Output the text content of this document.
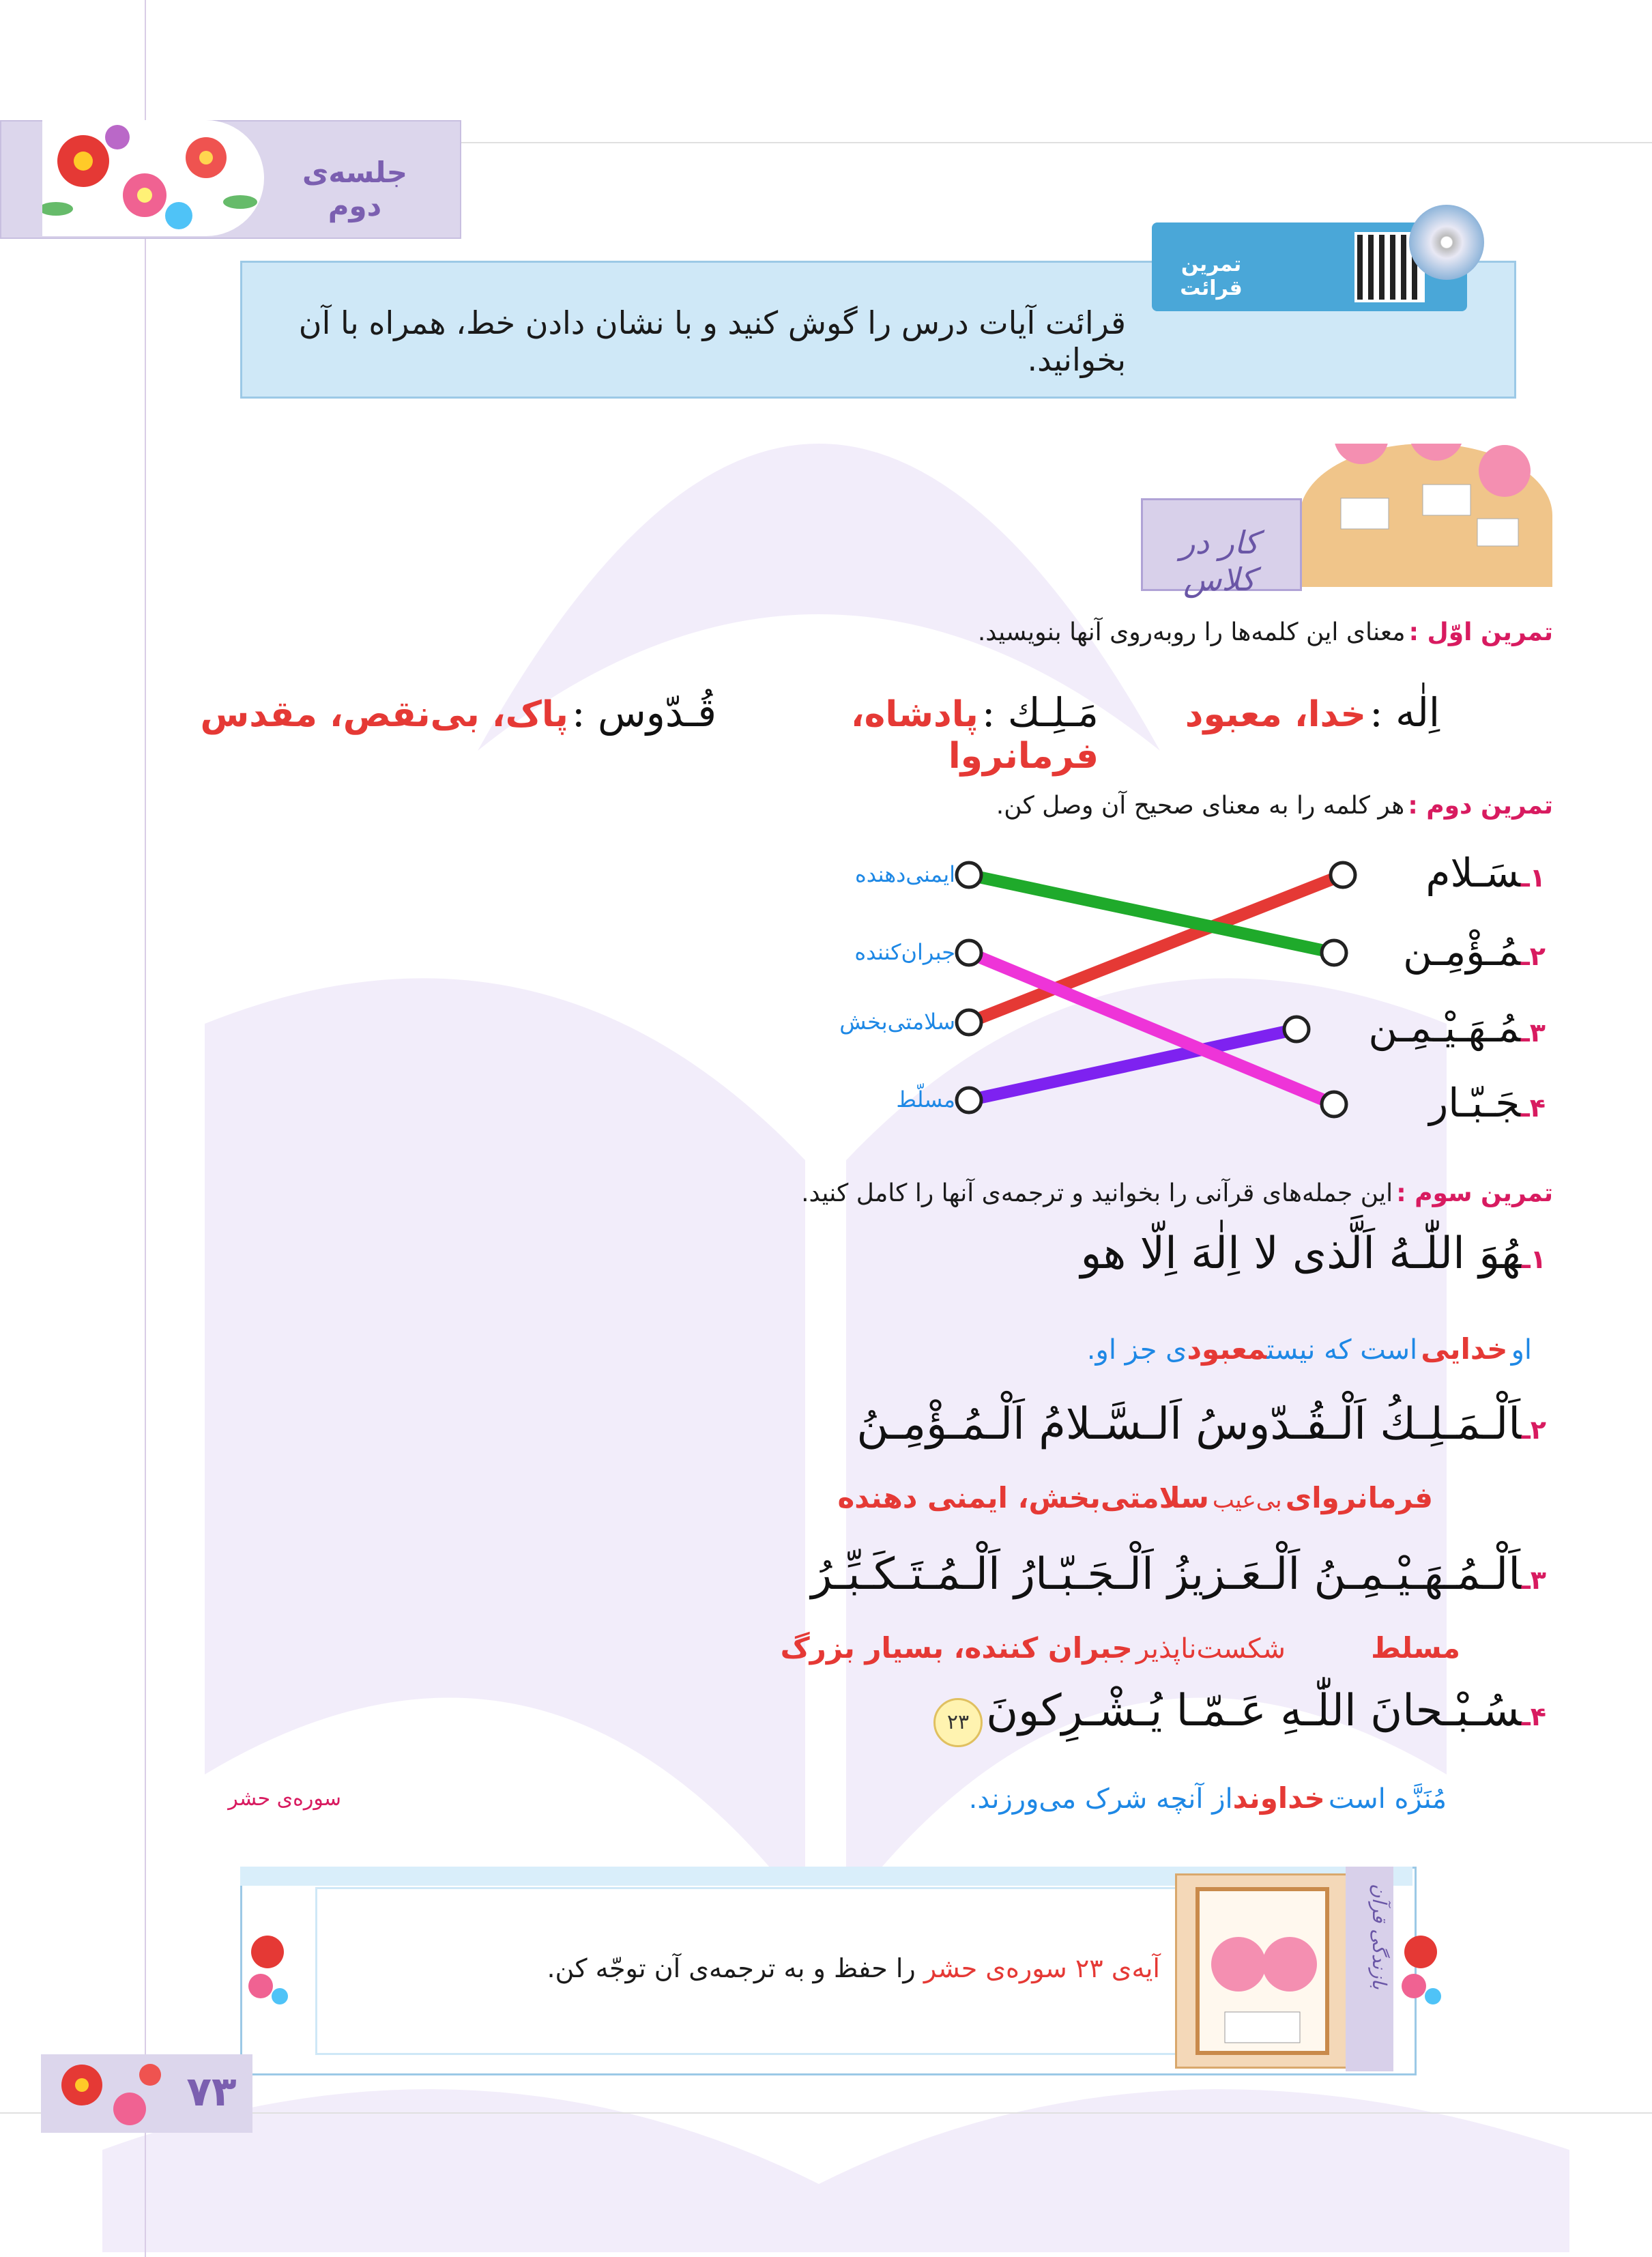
جلسه‌ی دوم
تمرین قرائت
قرائت آیات درس را گوش کنید و با نشان دادن خط، همراه با آن بخوانید.
کار در کلاس
تمرین اوّل : معنای این کلمه‌ها را روبه‌روی آنها بنویسید.
اِلٰه : خدا، معبود
مَـلِـك : پادشاه، فرمانروا
قُـدّوس : پاک، بی‌نقص، مقدس
تمرین دوم : هر کلمه را به معنای صحیح آن وصل کن.
۱ـسَـلام
۲ـمُـؤْمِـن
۳ـمُـهَـيْـمِـن
۴ـجَـبّـار
ایمنی‌دهنده
جبران‌کننده
سلامتی‌بخش
مسلّط
تمرین سوم : این جمله‌های قرآنی را بخوانید و ترجمه‌ی آنها را کامل کنید.
۱ـهُوَ اللّٰـهُ اَلَّذی لا اِلٰهَ اِلّا هو
او خدایی است که نیستمعبودی جز او.
۲ـاَلْـمَـلِـكُ اَلْـقُـدّوسُ اَلـسَّـلامُ اَلْـمُـؤْمِـنُ
فرمانروای بی‌عیب سلامتی‌بخش، ایمنی دهنده
۳ـاَلْـمُـهَـيْـمِـنُ اَلْـعَـزيزُ اَلْـجَـبّـارُ اَلْـمُـتَـکَـبِّـرُ
مسلط شکست‌ناپذیر جبران کننده، بسیار بزرگ
۴ـسُـبْـحانَ اللّٰـهِ عَـمّـا يُـشْـرِکونَ ۲۳
مُنَزَّه است خداونداز آنچه شرک می‌ورزند.
سوره‌ی حشر
با‌زندگی قرآن
آیه‌ی ۲۳ سوره‌ی حشر را حفظ و به ترجمه‌ی آن توجّه کن.
۷۳
